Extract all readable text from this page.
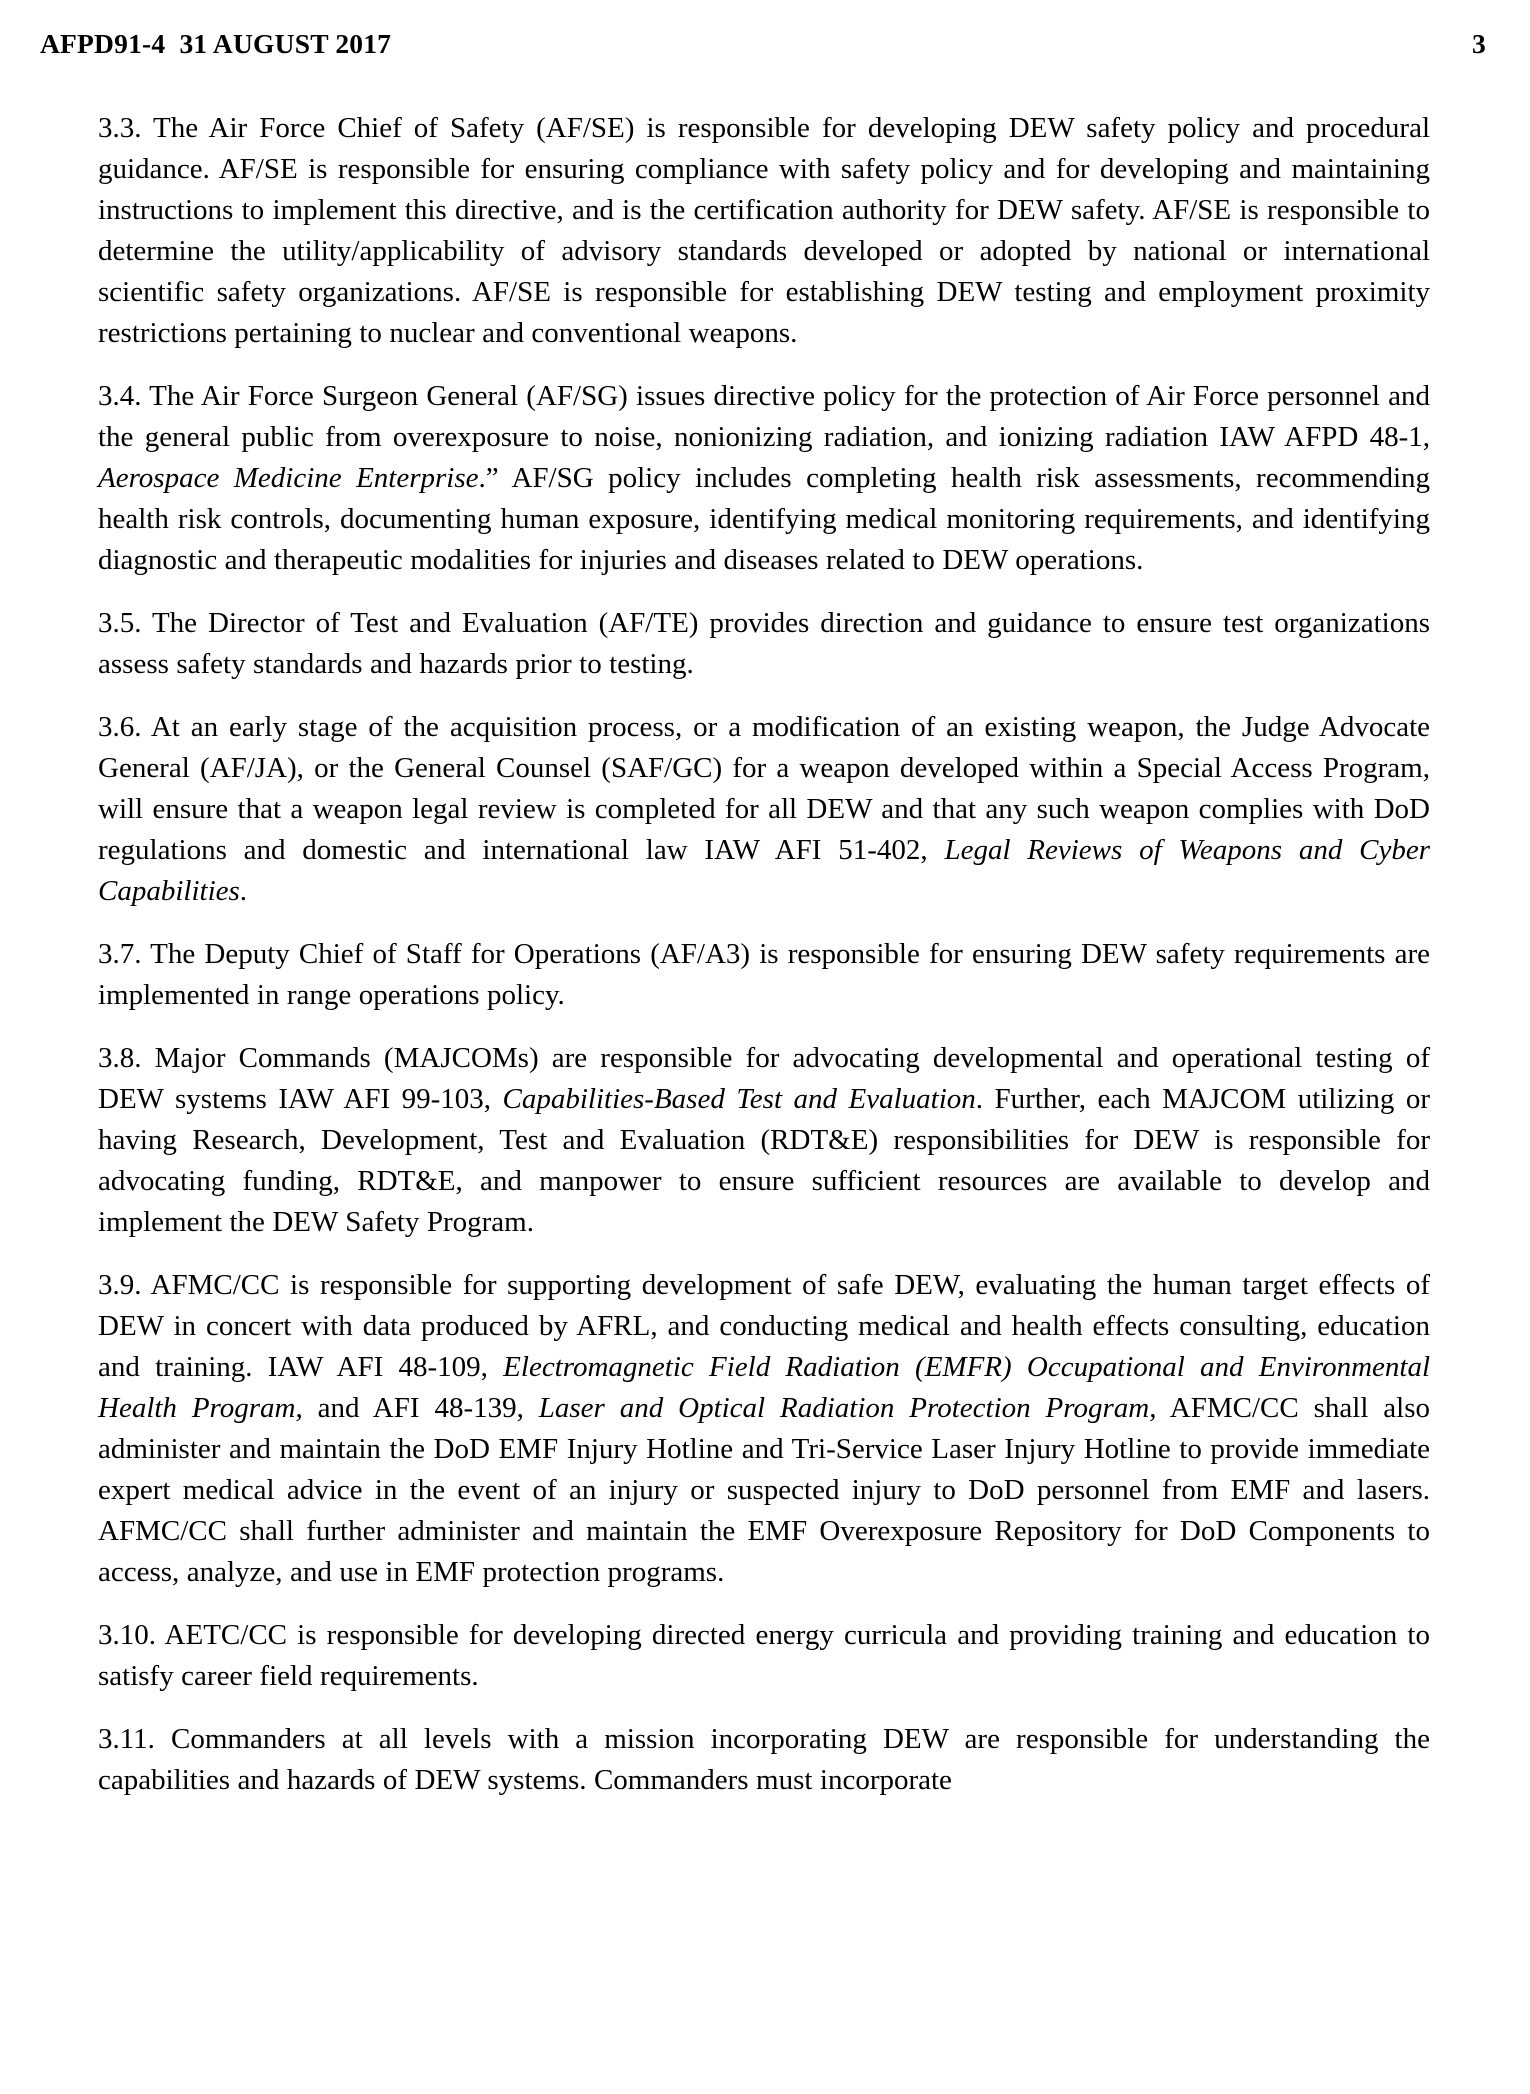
AFPD91-4  31 AUGUST 2017	3

3.3. The Air Force Chief of Safety (AF/SE) is responsible for developing DEW safety policy and procedural guidance. AF/SE is responsible for ensuring compliance with safety policy and for developing and maintaining instructions to implement this directive, and is the certification authority for DEW safety. AF/SE is responsible to determine the utility/applicability of advisory standards developed or adopted by national or international scientific safety organizations. AF/SE is responsible for establishing DEW testing and employment proximity restrictions pertaining to nuclear and conventional weapons.

3.4. The Air Force Surgeon General (AF/SG) issues directive policy for the protection of Air Force personnel and the general public from overexposure to noise, nonionizing radiation, and ionizing radiation IAW AFPD 48-1, Aerospace Medicine Enterprise.” AF/SG policy includes completing health risk assessments, recommending health risk controls, documenting human exposure, identifying medical monitoring requirements, and identifying diagnostic and therapeutic modalities for injuries and diseases related to DEW operations.

3.5. The Director of Test and Evaluation (AF/TE) provides direction and guidance to ensure test organizations assess safety standards and hazards prior to testing.

3.6. At an early stage of the acquisition process, or a modification of an existing weapon, the Judge Advocate General (AF/JA), or the General Counsel (SAF/GC) for a weapon developed within a Special Access Program, will ensure that a weapon legal review is completed for all DEW and that any such weapon complies with DoD regulations and domestic and international law IAW AFI 51-402, Legal Reviews of Weapons and Cyber Capabilities.

3.7. The Deputy Chief of Staff for Operations (AF/A3) is responsible for ensuring DEW safety requirements are implemented in range operations policy.

3.8. Major Commands (MAJCOMs) are responsible for advocating developmental and operational testing of DEW systems IAW AFI 99-103, Capabilities-Based Test and Evaluation. Further, each MAJCOM utilizing or having Research, Development, Test and Evaluation (RDT&E) responsibilities for DEW is responsible for advocating funding, RDT&E, and manpower to ensure sufficient resources are available to develop and implement the DEW Safety Program.

3.9. AFMC/CC is responsible for supporting development of safe DEW, evaluating the human target effects of DEW in concert with data produced by AFRL, and conducting medical and health effects consulting, education and training. IAW AFI 48-109, Electromagnetic Field Radiation (EMFR) Occupational and Environmental Health Program, and AFI 48-139, Laser and Optical Radiation Protection Program, AFMC/CC shall also administer and maintain the DoD EMF Injury Hotline and Tri-Service Laser Injury Hotline to provide immediate expert medical advice in the event of an injury or suspected injury to DoD personnel from EMF and lasers. AFMC/CC shall further administer and maintain the EMF Overexposure Repository for DoD Components to access, analyze, and use in EMF protection programs.

3.10. AETC/CC is responsible for developing directed energy curricula and providing training and education to satisfy career field requirements.

3.11. Commanders at all levels with a mission incorporating DEW are responsible for understanding the capabilities and hazards of DEW systems. Commanders must incorporate
